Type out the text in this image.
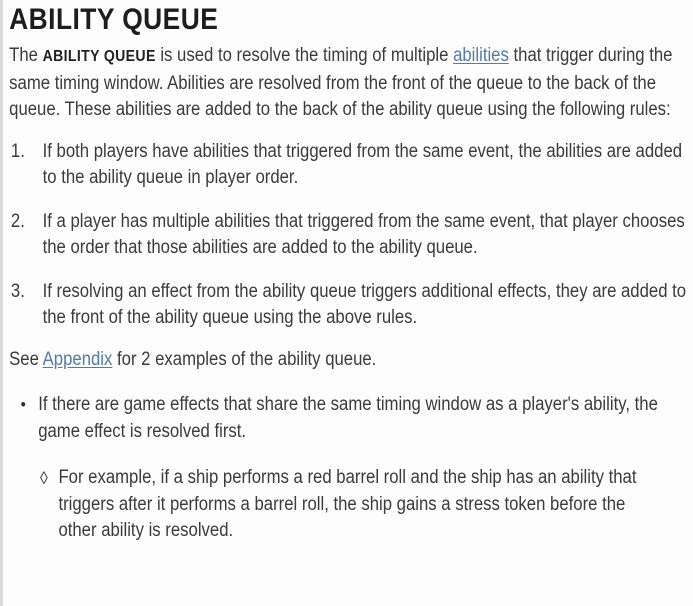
ABILITY QUEUE

The ABILITY QUEUE is used to resolve the timing of multiple abilities that trigger during the same timing window. Abilities are resolved from the front of the queue to the back of the queue. These abilities are added to the back of the ability queue using the following rules:

1. If both players have abilities that triggered from the same event, the abilities are added to the ability queue in player order.
2. If a player has multiple abilities that triggered from the same event, that player chooses the order that those abilities are added to the ability queue.
3. If resolving an effect from the ability queue triggers additional effects, they are added to the front of the ability queue using the above rules.

See Appendix for 2 examples of the ability queue.

• If there are game effects that share the same timing window as a player's ability, the game effect is resolved first.
◊ For example, if a ship performs a red barrel roll and the ship has an ability that triggers after it performs a barrel roll, the ship gains a stress token before the other ability is resolved.
